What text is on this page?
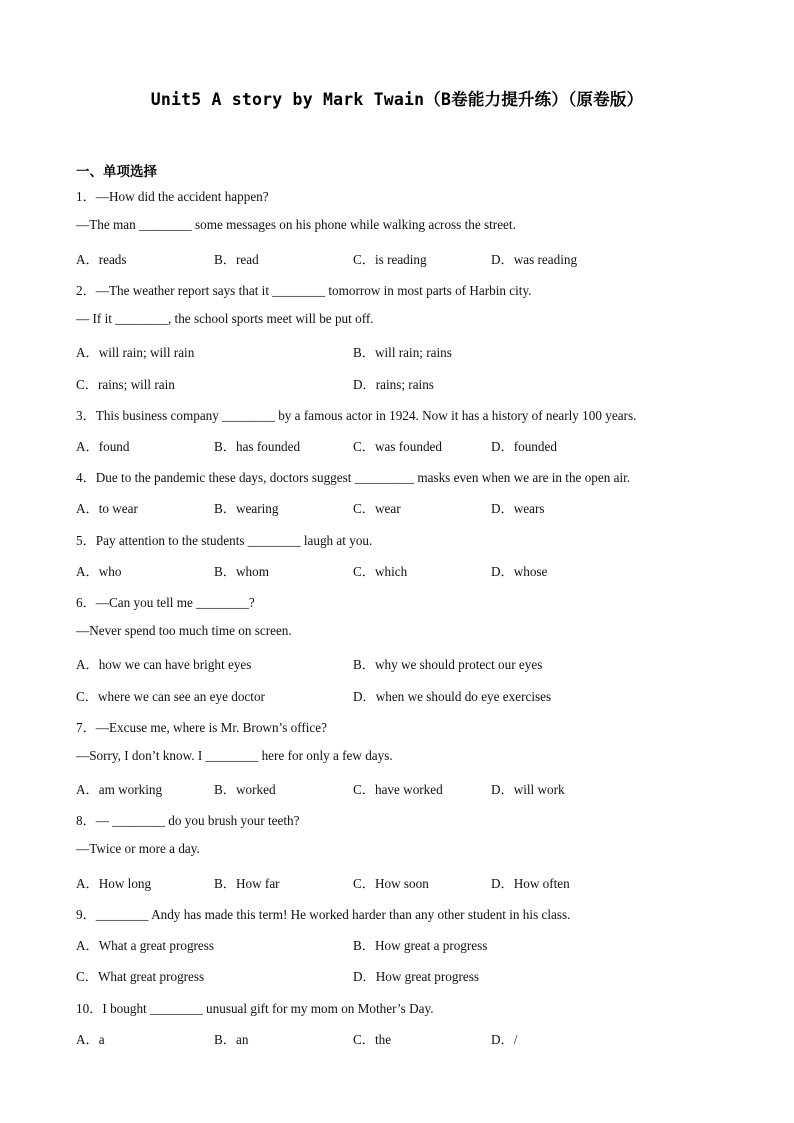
Unit5 A story by Mark Twain（B卷能力提升练）（原卷版）
一、单项选择
1．—How did the accident happen?
—The man ________ some messages on his phone while walking across the street.
A．reads	B．read	C．is reading	D．was reading
2．—The weather report says that it ________ tomorrow in most parts of Harbin city.
— If it ________, the school sports meet will be put off.
A．will rain; will rain	B．will rain; rains
C．rains; will rain	D．rains; rains
3．This business company ________ by a famous actor in 1924. Now it has a history of nearly 100 years.
A．found	B．has founded	C．was founded	D．founded
4．Due to the pandemic these days, doctors suggest _________ masks even when we are in the open air.
A．to wear	B．wearing	C．wear	D．wears
5．Pay attention to the students ________ laugh at you.
A．who	B．whom	C．which	D．whose
6．—Can you tell me ________?
—Never spend too much time on screen.
A．how we can have bright eyes	B．why we should protect our eyes
C．where we can see an eye doctor	D．when we should do eye exercises
7．—Excuse me, where is Mr. Brown’s office?
—Sorry, I don’t know. I ________ here for only a few days.
A．am working	B．worked	C．have worked	D．will work
8．— ________ do you brush your teeth?
—Twice or more a day.
A．How long	B．How far	C．How soon	D．How often
9．________ Andy has made this term! He worked harder than any other student in his class.
A．What a great progress	B．How great a progress
C．What great progress	D．How great progress
10．I bought ________ unusual gift for my mom on Mother’s Day.
A．a	B．an	C．the	D．/
